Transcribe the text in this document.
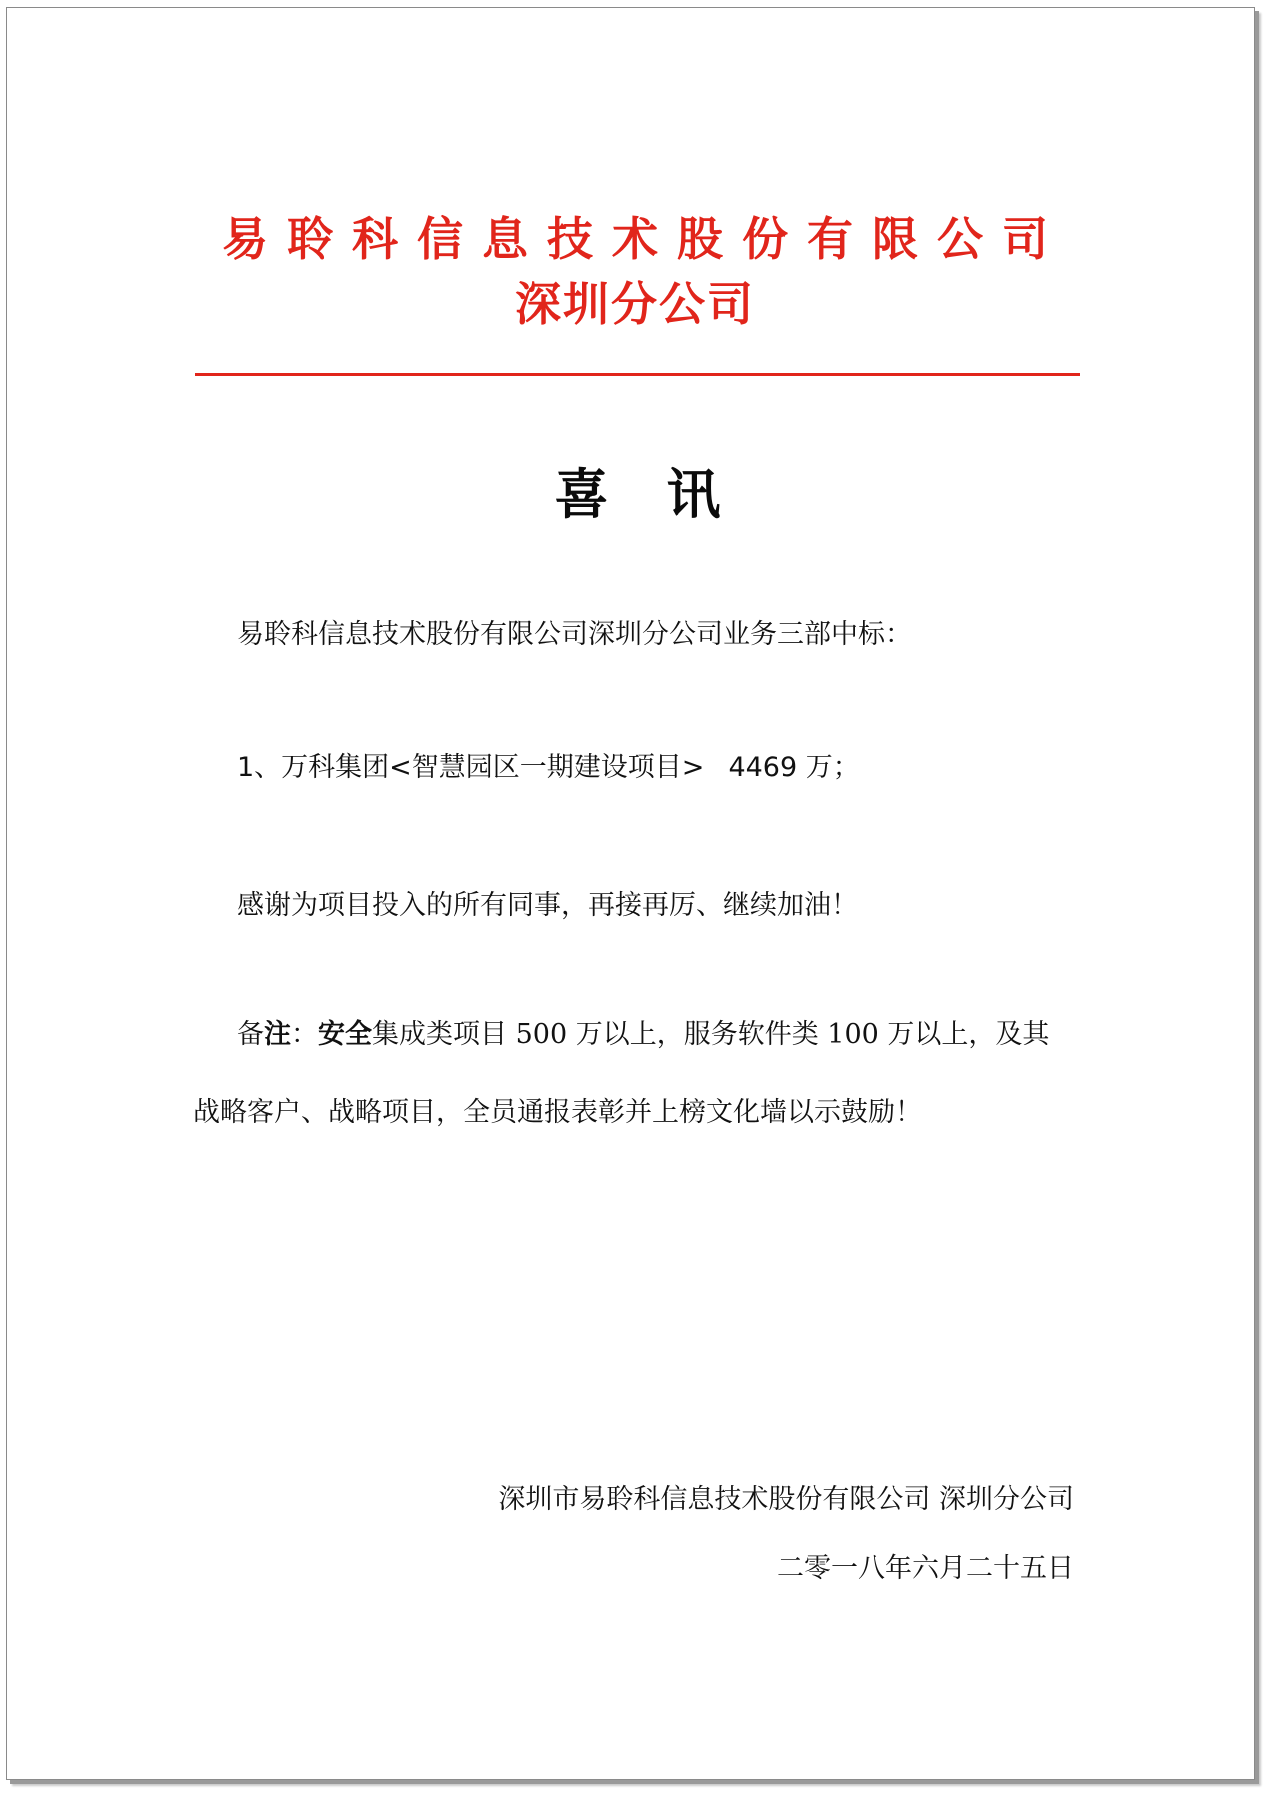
易聆科信息技术股份有限公司
深圳分公司
喜讯
易聆科信息技术股份有限公司深圳分公司业务三部中标：
1、万科集团<智慧园区一期建设项目> 4469 万；
感谢为项目投入的所有同事，再接再厉、继续加油！
备注：安全集成类项目 500 万以上，服务软件类 100 万以上，及其
战略客户、战略项目，全员通报表彰并上榜文化墙以示鼓励！
深圳市易聆科信息技术股份有限公司 深圳分公司
二零一八年六月二十五日
